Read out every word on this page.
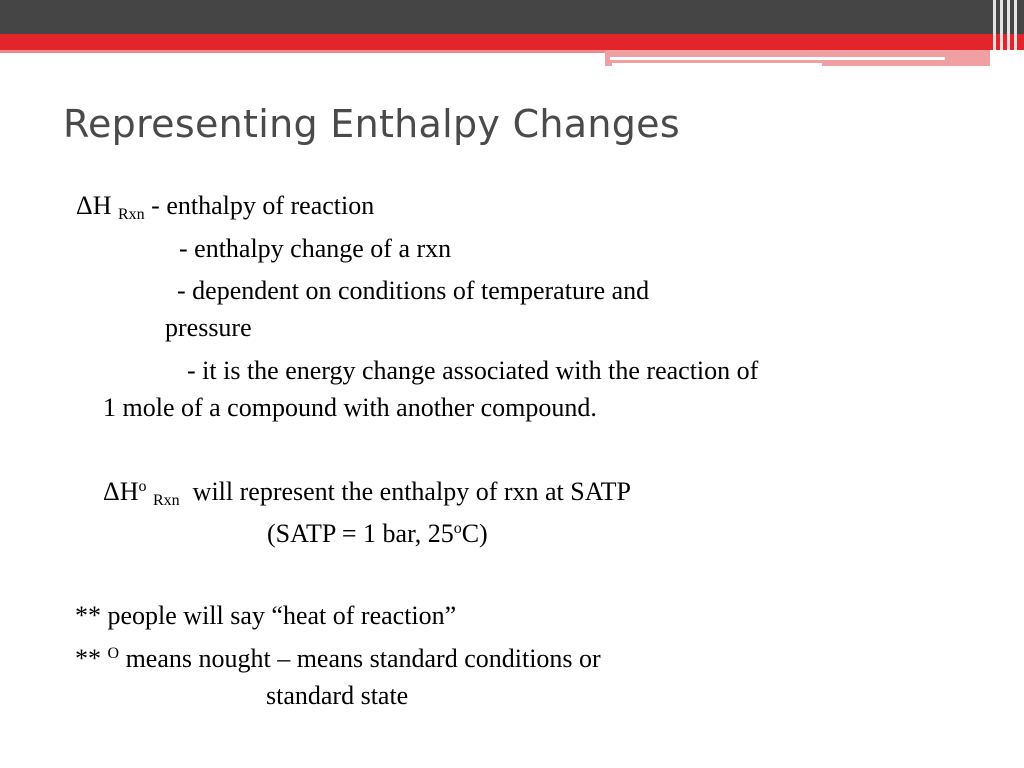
Representing Enthalpy Changes
ΔH Rxn - enthalpy of reaction
- enthalpy change of a rxn
- dependent on conditions of temperature and
pressure
- it is the energy change associated with the reaction of
1 mole of a compound with another compound.
$\Delta H^o$ Rxn will represent the enthalpy of rxn at SATP
(SATP = 1 bar, 25$^o$C)
** people will say “heat of reaction”
** $^O$ means nought – means standard conditions or
standard state
